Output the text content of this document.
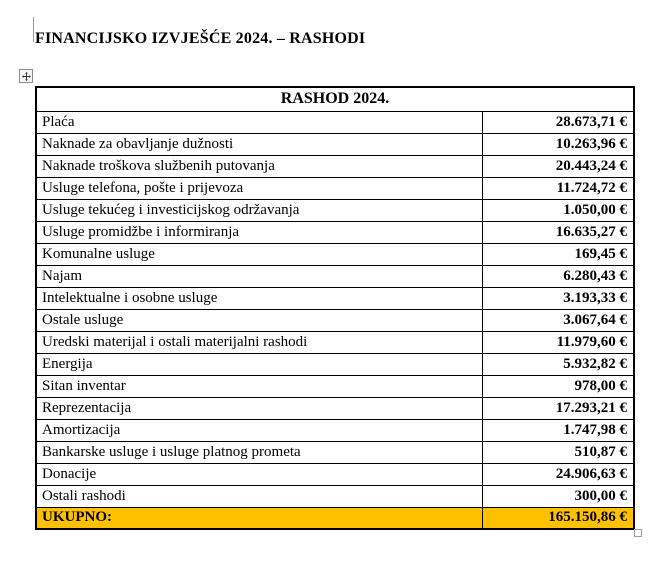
FINANCIJSKO IZVJEŠĆE 2024. – RASHODI
RASHOD 2024.	
Plaća	28.673,71 €
Naknade za obavljanje dužnosti	10.263,96 €
Naknade troškova službenih putovanja	20.443,24 €
Usluge telefona, pošte i prijevoza	11.724,72 €
Usluge tekućeg i investicijskog održavanja	1.050,00 €
Usluge promidžbe i informiranja	16.635,27 €
Komunalne usluge	169,45 €
Najam	6.280,43 €
Intelektualne i osobne usluge	3.193,33 €
Ostale usluge	3.067,64 €
Uredski materijal i ostali materijalni rashodi	11.979,60 €
Energija	5.932,82 €
Sitan inventar	978,00 €
Reprezentacija	17.293,21 €
Amortizacija	1.747,98 €
Bankarske usluge i usluge platnog prometa	510,87 €
Donacije	24.906,63 €
Ostali rashodi	300,00 €
UKUPNO:	165.150,86 €
